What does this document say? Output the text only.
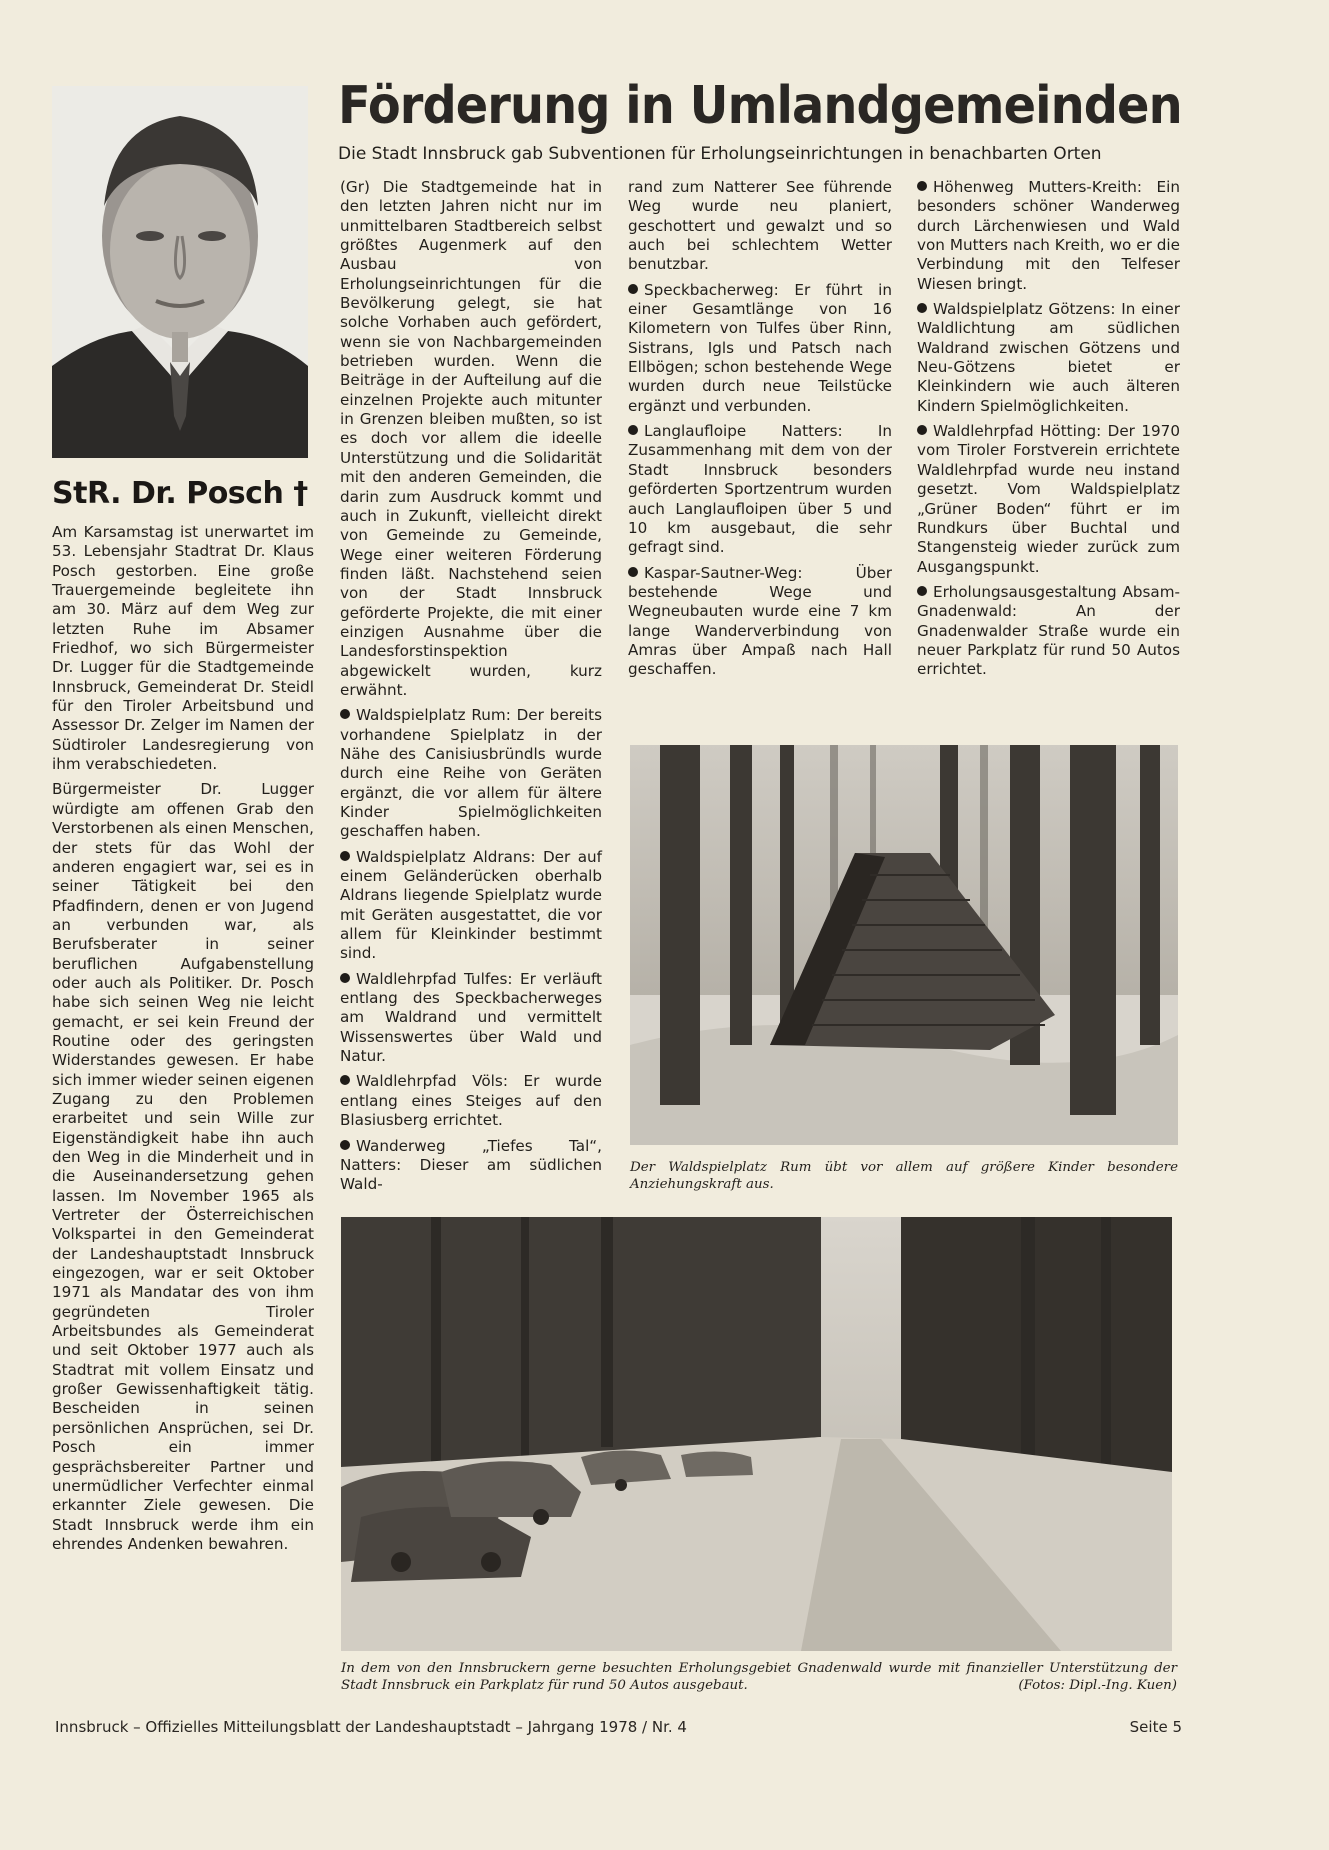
StR. Dr. Posch †

Am Karsamstag ist unerwartet im 53. Lebensjahr Stadtrat Dr. Klaus Posch gestorben. Eine große Trauergemeinde begleitete ihn am 30. März auf dem Weg zur letzten Ruhe im Absamer Friedhof, wo sich Bürgermeister Dr. Lugger für die Stadtgemeinde Innsbruck, Gemeinderat Dr. Steidl für den Tiroler Arbeitsbund und Assessor Dr. Zelger im Namen der Südtiroler Landesregierung von ihm verabschiedeten.

Bürgermeister Dr. Lugger würdigte am offenen Grab den Verstorbenen als einen Menschen, der stets für das Wohl der anderen engagiert war, sei es in seiner Tätigkeit bei den Pfadfindern, denen er von Jugend an verbunden war, als Berufsberater in seiner beruflichen Aufgabenstellung oder auch als Politiker. Dr. Posch habe sich seinen Weg nie leicht gemacht, er sei kein Freund der Routine oder des geringsten Widerstandes gewesen. Er habe sich immer wieder seinen eigenen Zugang zu den Problemen erarbeitet und sein Wille zur Eigenständigkeit habe ihn auch den Weg in die Minderheit und in die Auseinandersetzung gehen lassen. Im November 1965 als Vertreter der Österreichischen Volkspartei in den Gemeinderat der Landeshauptstadt Innsbruck eingezogen, war er seit Oktober 1971 als Mandatar des von ihm gegründeten Tiroler Arbeitsbundes als Gemeinderat und seit Oktober 1977 auch als Stadtrat mit vollem Einsatz und großer Gewissenhaftigkeit tätig. Bescheiden in seinen persönlichen Ansprüchen, sei Dr. Posch ein immer gesprächsbereiter Partner und unermüdlicher Verfechter einmal erkannter Ziele gewesen. Die Stadt Innsbruck werde ihm ein ehrendes Andenken bewahren.

Förderung in Umlandgemeinden

Die Stadt Innsbruck gab Subventionen für Erholungseinrichtungen in benachbarten Orten

(Gr) Die Stadtgemeinde hat in den letzten Jahren nicht nur im unmittelbaren Stadtbereich selbst größtes Augenmerk auf den Ausbau von Erholungseinrichtungen für die Bevölkerung gelegt, sie hat solche Vorhaben auch gefördert, wenn sie von Nachbargemeinden betrieben wurden. Wenn die Beiträge in der Aufteilung auf die einzelnen Projekte auch mitunter in Grenzen bleiben mußten, so ist es doch vor allem die ideelle Unterstützung und die Solidarität mit den anderen Gemeinden, die darin zum Ausdruck kommt und auch in Zukunft, vielleicht direkt von Gemeinde zu Gemeinde, Wege einer weiteren Förderung finden läßt. Nachstehend seien von der Stadt Innsbruck geförderte Projekte, die mit einer einzigen Ausnahme über die Landesforstinspektion abgewickelt wurden, kurz erwähnt.

Waldspielplatz Rum: Der bereits vorhandene Spielplatz in der Nähe des Canisiusbründls wurde durch eine Reihe von Geräten ergänzt, die vor allem für ältere Kinder Spielmöglichkeiten geschaffen haben.

Waldspielplatz Aldrans: Der auf einem Geländerücken oberhalb Aldrans liegende Spielplatz wurde mit Geräten ausgestattet, die vor allem für Kleinkinder bestimmt sind.

Waldlehrpfad Tulfes: Er verläuft entlang des Speckbacherweges am Waldrand und vermittelt Wissenswertes über Wald und Natur.

Waldlehrpfad Völs: Er wurde entlang eines Steiges auf den Blasiusberg errichtet.

Wanderweg „Tiefes Tal“, Natters: Dieser am südlichen Wald-

rand zum Natterer See führende Weg wurde neu planiert, geschottert und gewalzt und so auch bei schlechtem Wetter benutzbar.

Speckbacherweg: Er führt in einer Gesamtlänge von 16 Kilometern von Tulfes über Rinn, Sistrans, Igls und Patsch nach Ellbögen; schon bestehende Wege wurden durch neue Teilstücke ergänzt und verbunden.

Langlaufloipe Natters: In Zusammenhang mit dem von der Stadt Innsbruck besonders geförderten Sportzentrum wurden auch Langlaufloipen über 5 und 10 km ausgebaut, die sehr gefragt sind.

Kaspar-Sautner-Weg: Über bestehende Wege und Wegneubauten wurde eine 7 km lange Wanderverbindung von Amras über Ampaß nach Hall geschaffen.

Höhenweg Mutters-Kreith: Ein besonders schöner Wanderweg durch Lärchenwiesen und Wald von Mutters nach Kreith, wo er die Verbindung mit den Telfeser Wiesen bringt.

Waldspielplatz Götzens: In einer Waldlichtung am südlichen Waldrand zwischen Götzens und Neu-Götzens bietet er Kleinkindern wie auch älteren Kindern Spielmöglichkeiten.

Waldlehrpfad Hötting: Der 1970 vom Tiroler Forstverein errichtete Waldlehrpfad wurde neu instand gesetzt. Vom Waldspielplatz „Grüner Boden“ führt er im Rundkurs über Buchtal und Stangensteig wieder zurück zum Ausgangspunkt.

Erholungsausgestaltung Absam-Gnadenwald: An der Gnadenwalder Straße wurde ein neuer Parkplatz für rund 50 Autos errichtet.

Der Waldspielplatz Rum übt vor allem auf größere Kinder besondere Anziehungskraft aus.

In dem von den Innsbruckern gerne besuchten Erholungsgebiet Gnadenwald wurde mit finanzieller Unterstützung der Stadt Innsbruck ein Parkplatz für rund 50 Autos ausgebaut.	(Fotos: Dipl.-Ing. Kuen)

Innsbruck – Offizielles Mitteilungsblatt der Landeshauptstadt – Jahrgang 1978 / Nr. 4	Seite 5
